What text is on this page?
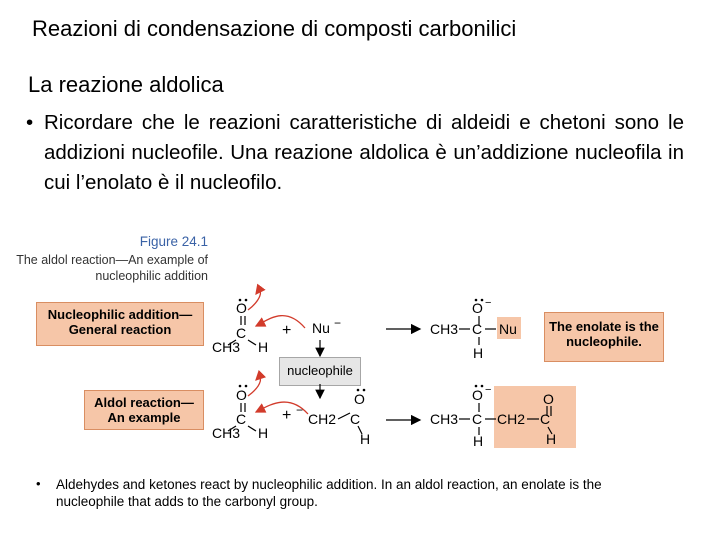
Reazioni di condensazione di composti carbonilici
La reazione aldolica
• Ricordare che le reazioni caratteristiche di aldeidi e chetoni sono le addizioni nucleofile. Una reazione aldolica è un’addizione nucleofila in cui l’enolato è il nucleofilo.
Figure 24.1
The aldol reaction—An example of nucleophilic addition
Nucleophilic addition— General reaction
Aldol reaction— An example
The enolate is the nucleophile.
nucleophile
O
C
CH3 H
+ Nu −
O −
CH3 C Nu
H
O
C
CH3 H
+ −
CH2
O
C
H
O −
CH3 C
H
CH2 C
O
H
• Aldehydes and ketones react by nucleophilic addition. In an aldol reaction, an enolate is the nucleophile that adds to the carbonyl group.
